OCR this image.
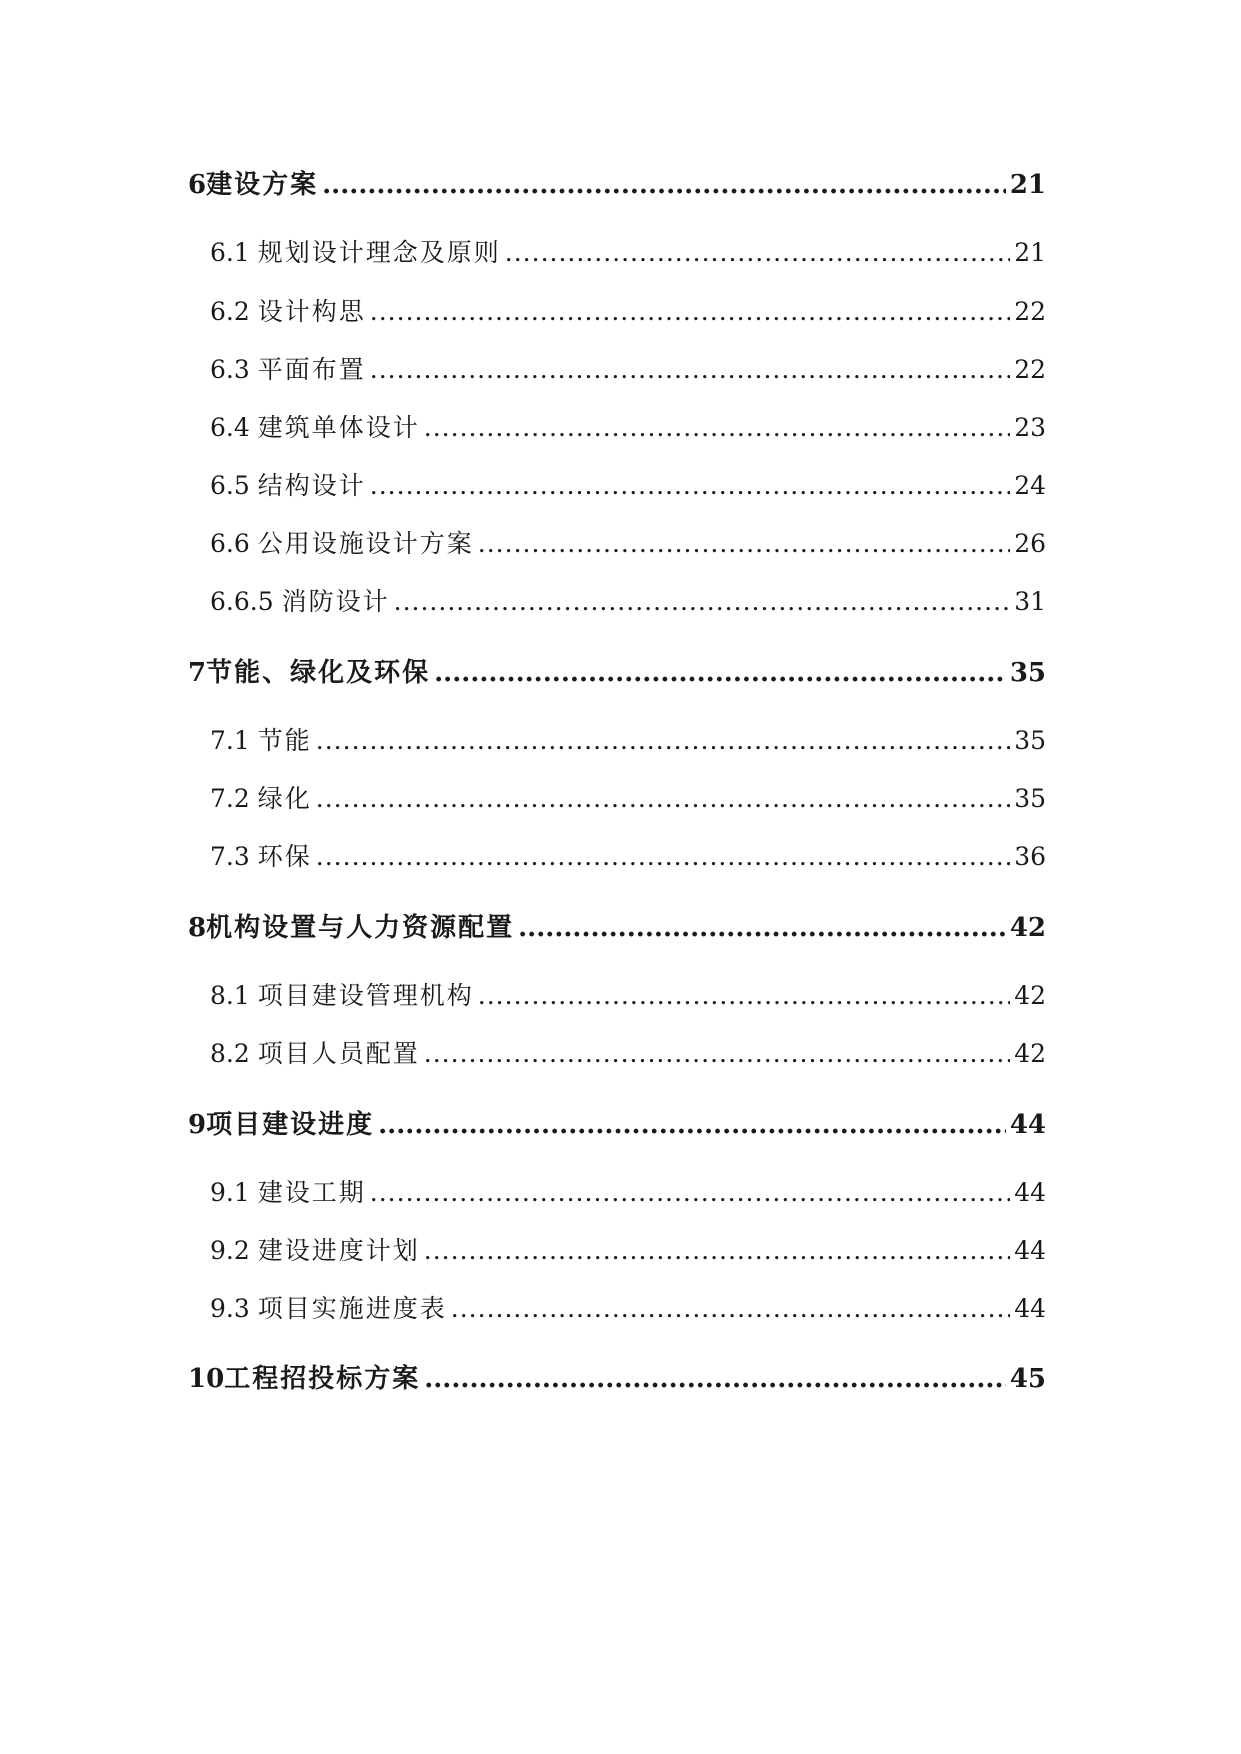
6 建设方案 .....	21
6.1 规划设计理念及原则 .....	21
6.2 设计构思 .....	22
6.3 平面布置 .....	22
6.4 建筑单体设计 .....	23
6.5 结构设计 .....	24
6.6 公用设施设计方案 .....	26
6.6.5 消防设计 .....	31
7 节能、绿化及环保 .....	35
7.1 节能 .....	35
7.2 绿化 .....	35
7.3 环保 .....	36
8 机构设置与人力资源配置 .....	42
8.1 项目建设管理机构 .....	42
8.2 项目人员配置 .....	42
9 项目建设进度 .....	44
9.1 建设工期 .....	44
9.2 建设进度计划 .....	44
9.3 项目实施进度表 .....	44
10 工程招投标方案 .....	45
